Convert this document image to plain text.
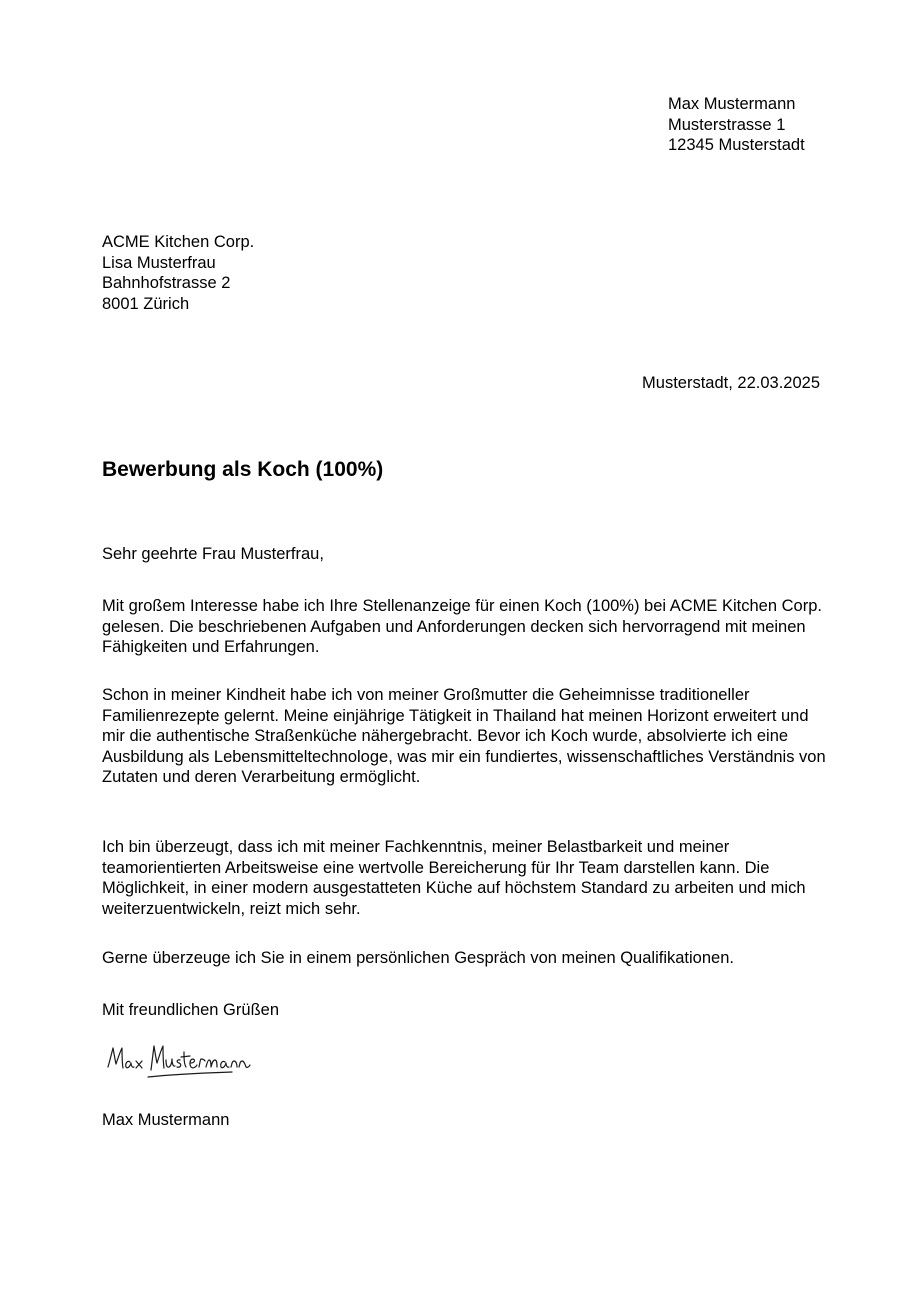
Max Mustermann
Musterstrasse 1
12345 Musterstadt
ACME Kitchen Corp.
Lisa Musterfrau
Bahnhofstrasse 2
8001 Zürich
Musterstadt, 22.03.2025
Bewerbung als Koch (100%)
Sehr geehrte Frau Musterfrau,
Mit großem Interesse habe ich Ihre Stellenanzeige für einen Koch (100%) bei ACME Kitchen Corp. gelesen. Die beschriebenen Aufgaben und Anforderungen decken sich hervorragend mit meinen Fähigkeiten und Erfahrungen.
Schon in meiner Kindheit habe ich von meiner Großmutter die Geheimnisse traditioneller Familienrezepte gelernt. Meine einjährige Tätigkeit in Thailand hat meinen Horizont erweitert und mir die authentische Straßenküche nähergebracht. Bevor ich Koch wurde, absolvierte ich eine Ausbildung als Lebensmitteltechnologe, was mir ein fundiertes, wissenschaftliches Verständnis von Zutaten und deren Verarbeitung ermöglicht.
Ich bin überzeugt, dass ich mit meiner Fachkenntnis, meiner Belastbarkeit und meiner teamorientierten Arbeitsweise eine wertvolle Bereicherung für Ihr Team darstellen kann. Die Möglichkeit, in einer modern ausgestatteten Küche auf höchstem Standard zu arbeiten und mich weiterzuentwickeln, reizt mich sehr.
Gerne überzeuge ich Sie in einem persönlichen Gespräch von meinen Qualifikationen.
Mit freundlichen Grüßen
Max Mustermann
